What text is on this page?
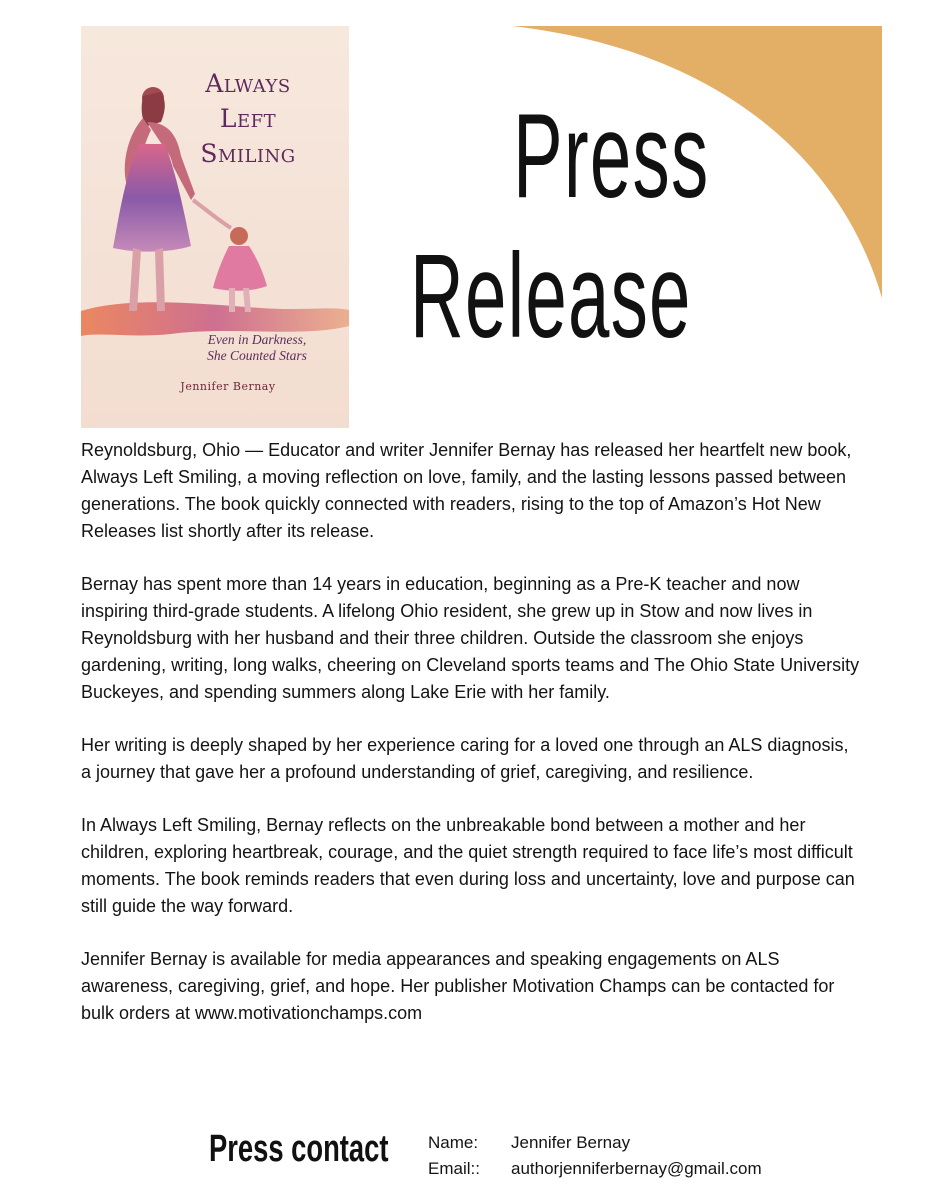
Always
Left
Smiling
Even in Darkness,
She Counted Stars
Jennifer Bernay
Press
Release

Reynoldsburg, Ohio — Educator and writer Jennifer Bernay has released her heartfelt new book, Always Left Smiling, a moving reflection on love, family, and the lasting lessons passed between generations. The book quickly connected with readers, rising to the top of Amazon’s Hot New Releases list shortly after its release.

Bernay has spent more than 14 years in education, beginning as a Pre-K teacher and now inspiring third-grade students. A lifelong Ohio resident, she grew up in Stow and now lives in Reynoldsburg with her husband and their three children. Outside the classroom she enjoys gardening, writing, long walks, cheering on Cleveland sports teams and The Ohio State University Buckeyes, and spending summers along Lake Erie with her family.

Her writing is deeply shaped by her experience caring for a loved one through an ALS diagnosis, a journey that gave her a profound understanding of grief, caregiving, and resilience.

In Always Left Smiling, Bernay reflects on the unbreakable bond between a mother and her children, exploring heartbreak, courage, and the quiet strength required to face life’s most difficult moments. The book reminds readers that even during loss and uncertainty, love and purpose can still guide the way forward.

Jennifer Bernay is available for media appearances and speaking engagements on ALS awareness, caregiving, grief, and hope. Her publisher Motivation Champs can be contacted for bulk orders at www.motivationchamps.com

Press contact Name: Jennifer Bernay
Email:: authorjenniferbernay@gmail.com
